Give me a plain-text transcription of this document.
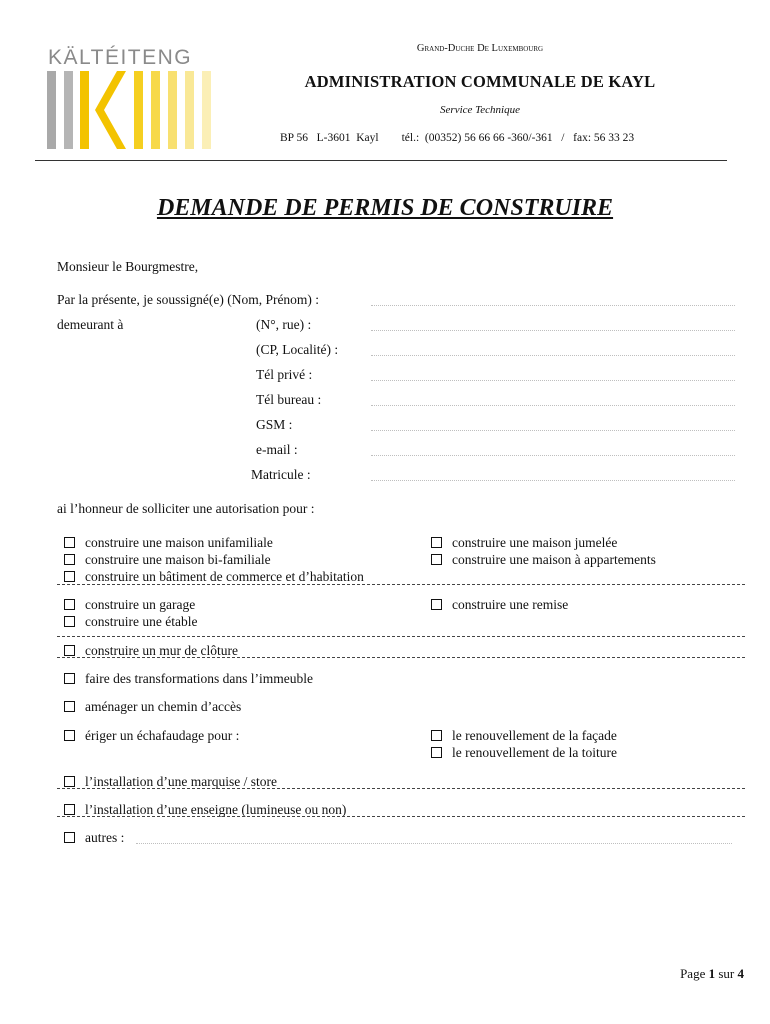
KÄLTÉITENG	Grand-Duche De Luxembourg
ADMINISTRATION COMMUNALE DE KAYL
Service Technique
BP 56   L-3601  Kayl tél.:  (00352) 56 66 66 -360/-361   /   fax: 56 33 23
DEMANDE DE PERMIS DE CONSTRUIRE
Monsieur le Bourgmestre,
Par la présente, je soussigné(e) (Nom, Prénom) :
demeurant à	(N°, rue) :
(CP, Localité) :
Tél privé :
Tél bureau :
GSM :
e-mail :
Matricule :
ai l’honneur de solliciter une autorisation pour :
construire une maison unifamiliale
construire une maison bi-familiale
construire un bâtiment de commerce et d’habitation
construire une maison jumelée
construire une maison à appartements
construire un garage
construire une étable
construire une remise
construire un mur de clôture
faire des transformations dans l’immeuble
aménager un chemin d’accès
ériger un échafaudage pour :	le renouvellement de la façade
le renouvellement de la toiture
l’installation d’une marquise / store
l’installation d’une enseigne (lumineuse ou non)
autres :
Page 1 sur 4
